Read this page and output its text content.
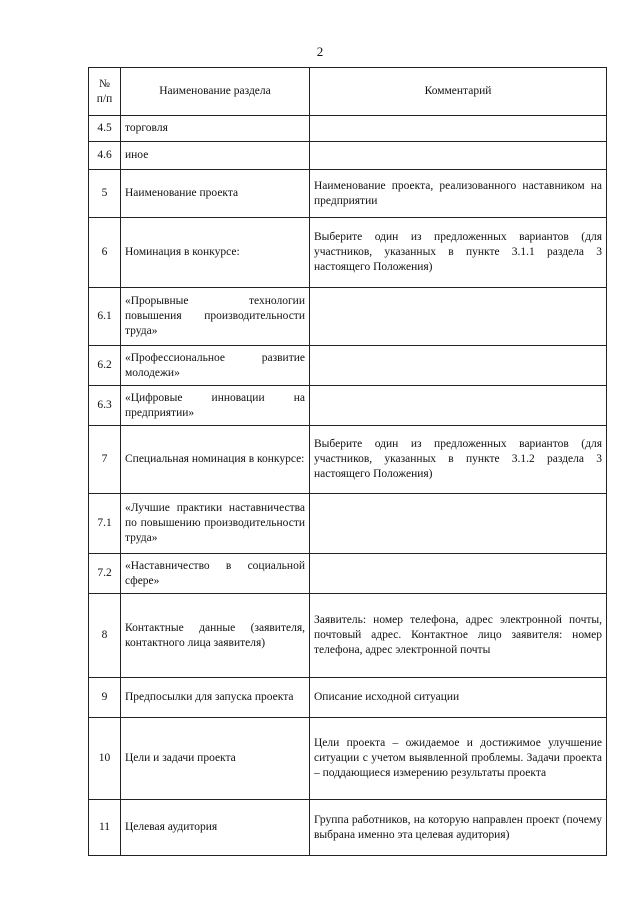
2
№ п/п	Наименование раздела	Комментарий
4.5	торговля	
4.6	иное	
5	Наименование проекта	Наименование проекта, реализованного наставником на предприятии
6	Номинация в конкурсе:	Выберите один из предложенных вариантов (для участников, указанных в пункте 3.1.1 раздела 3 настоящего Положения)
6.1	«Прорывные технологии повышения производительности труда»	
6.2	«Профессиональное развитие молодежи»	
6.3	«Цифровые инновации на предприятии»	
7	Специальная номинация в конкурсе:	Выберите один из предложенных вариантов (для участников, указанных в пункте 3.1.2 раздела 3 настоящего Положения)
7.1	«Лучшие практики наставничества по повышению производительности труда»	
7.2	«Наставничество в социальной сфере»	
8	Контактные данные (заявителя, контактного лица заявителя)	Заявитель: номер телефона, адрес электронной почты, почтовый адрес. Контактное лицо заявителя: номер телефона, адрес электронной почты
9	Предпосылки для запуска проекта	Описание исходной ситуации
10	Цели и задачи проекта	Цели проекта – ожидаемое и достижимое улучшение ситуации с учетом выявленной проблемы. Задачи проекта – поддающиеся измерению результаты проекта
11	Целевая аудитория	Группа работников, на которую направлен проект (почему выбрана именно эта целевая аудитория)
